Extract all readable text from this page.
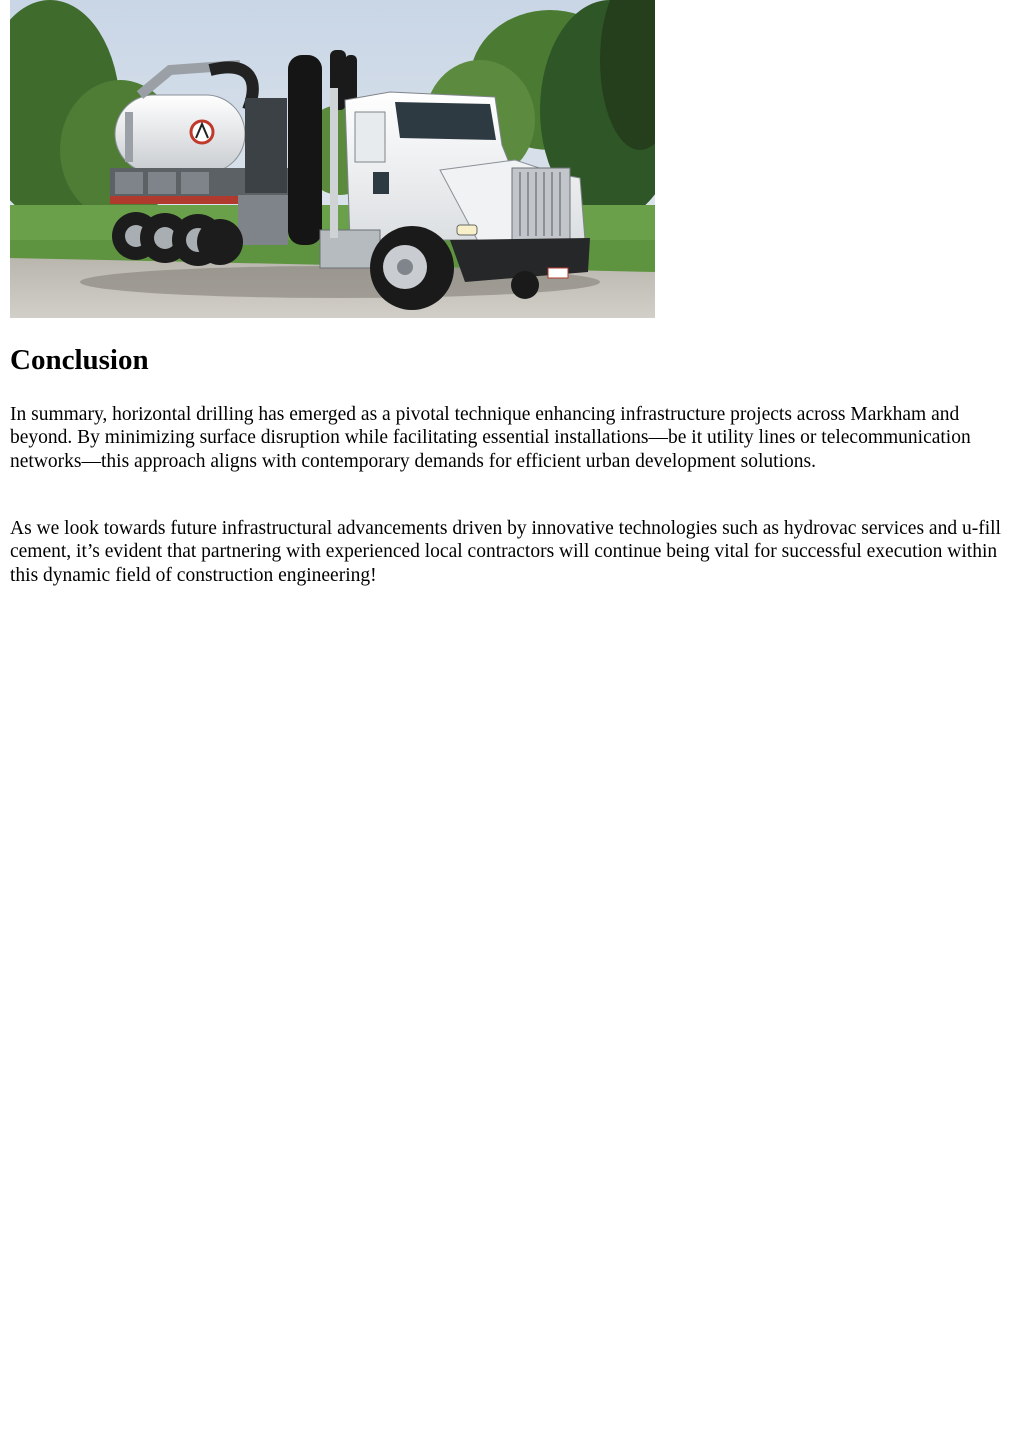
Conclusion

In summary, horizontal drilling has emerged as a pivotal technique enhancing infrastructure projects across Markham and beyond. By minimizing surface disruption while facilitating essential installations—be it utility lines or telecommunication networks—this approach aligns with contemporary demands for efficient urban development solutions.

As we look towards future infrastructural advancements driven by innovative technologies such as hydrovac services and u-fill cement, it’s evident that partnering with experienced local contractors will continue being vital for successful execution within this dynamic field of construction engineering!
